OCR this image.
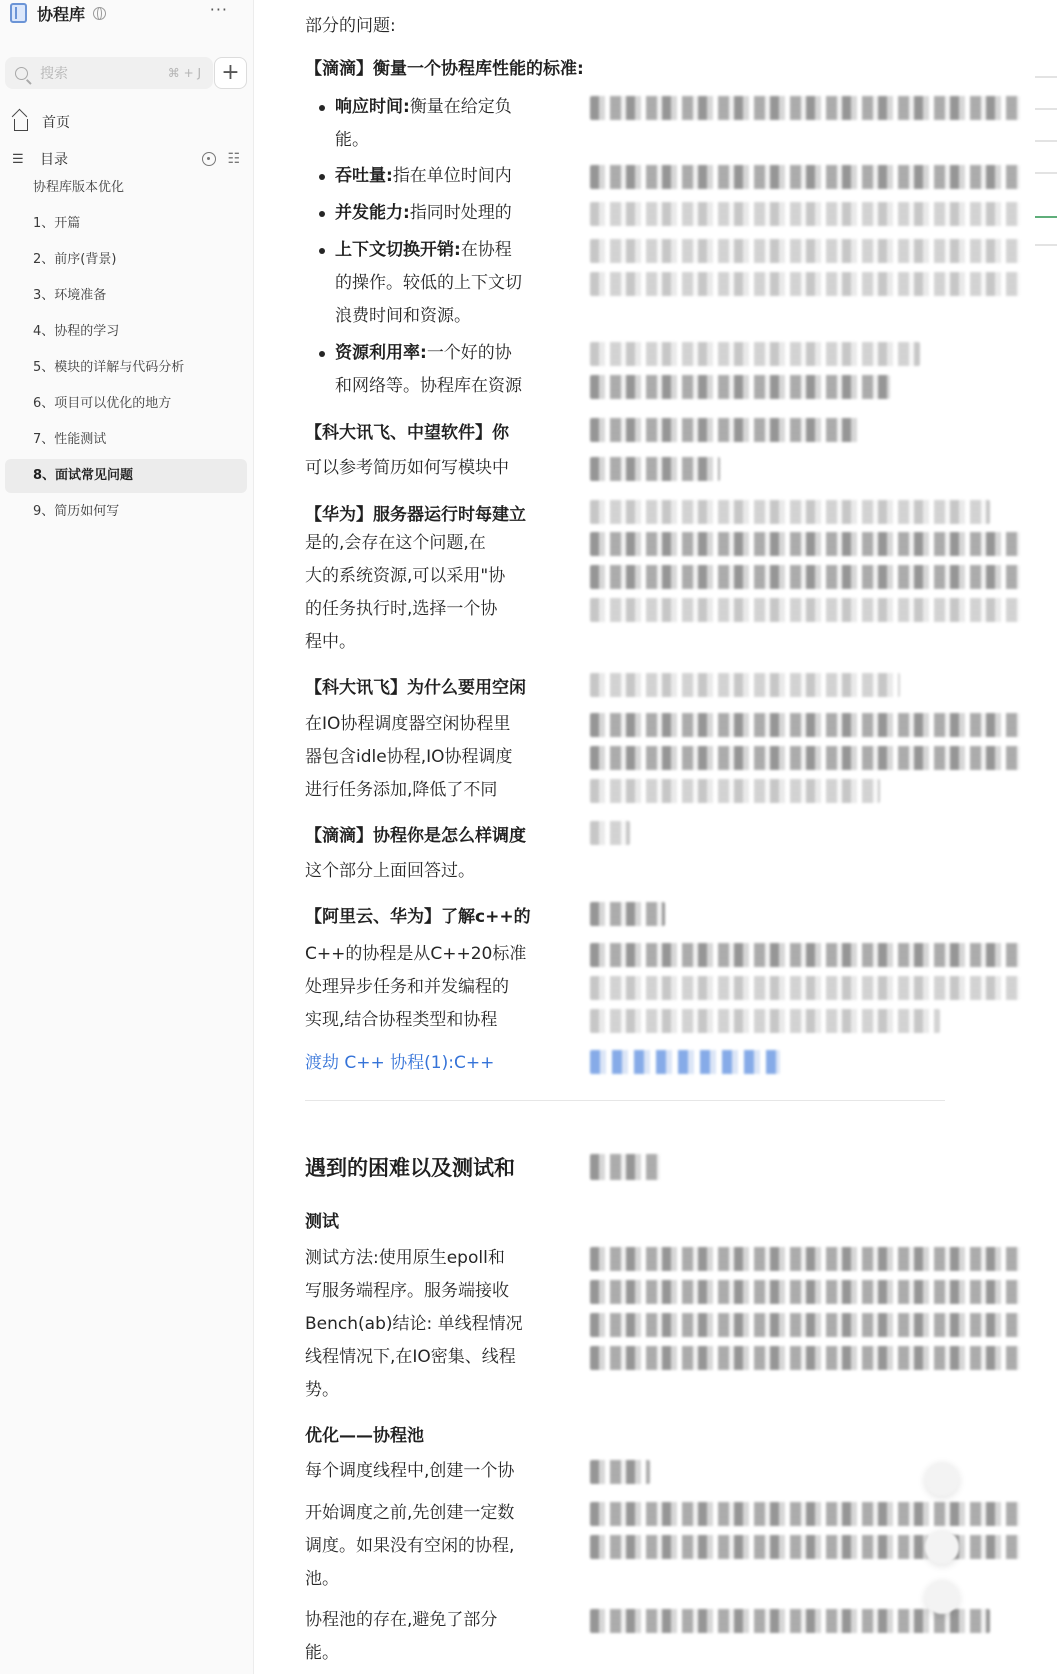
协程库	···
搜索	⌘ + J +
首页
☰	目录	☷
协程库版本优化
1、开篇
2、前序(背景)
3、环境准备
4、协程的学习
5、模块的详解与代码分析
6、项目可以优化的地方
7、性能测试
8、面试常见问题
9、简历如何写
部分的问题:
【滴滴】衡量一个协程库性能的标准:
响应时间:衡量在给定负
能。
吞吐量:指在单位时间内
并发能力:指同时处理的
上下文切换开销:在协程
的操作。较低的上下文切
浪费时间和资源。
资源利用率:一个好的协
和网络等。协程库在资源
【科大讯飞、中望软件】你
可以参考简历如何写模块中
【华为】服务器运行时每建立
是的,会存在这个问题,在
大的系统资源,可以采用"协
的任务执行时,选择一个协
程中。
【科大讯飞】为什么要用空闲
在IO协程调度器空闲协程里
器包含idle协程,IO协程调度
进行任务添加,降低了不同
【滴滴】协程你是怎么样调度
这个部分上面回答过。
【阿里云、华为】了解c++的
C++的协程是从C++20标准
处理异步任务和并发编程的
实现,结合协程类型和协程
渡劫 C++ 协程(1):C++
遇到的困难以及测试和
测试
测试方法:使用原生epoll和
写服务端程序。服务端接收
Bench(ab)结论: 单线程情况
线程情况下,在IO密集、线程
势。
优化——协程池
每个调度线程中,创建一个协
开始调度之前,先创建一定数
调度。如果没有空闲的协程,
池。
协程池的存在,避免了部分
能。
